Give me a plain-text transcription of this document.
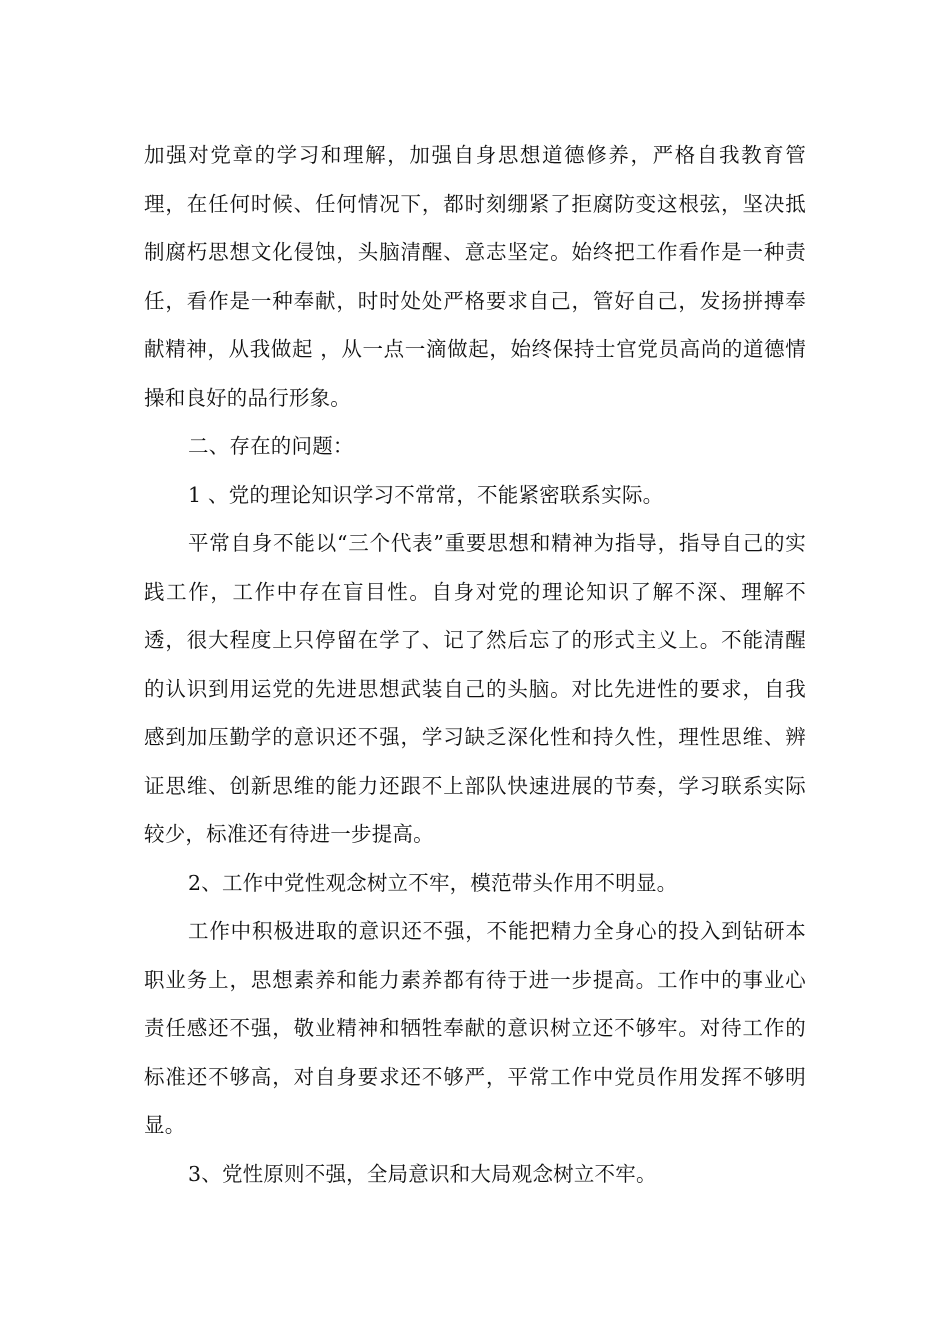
加强对党章的学习和理解，加强自身思想道德修养，严格自我教育管理，在任何时候、任何情况下，都时刻绷紧了拒腐防变这根弦，坚决抵制腐朽思想文化侵蚀，头脑清醒、意志坚定。始终把工作看作是一种责任，看作是一种奉献，时时处处严格要求自己，管好自己，发扬拼搏奉献精神，从我做起 ，从一点一滴做起，始终保持士官党员高尚的道德情操和良好的品行形象。

二、存在的问题：

1 、党的理论知识学习不常常，不能紧密联系实际。

平常自身不能以“三个代表”重要思想和精神为指导，指导自己的实践工作，工作中存在盲目性。自身对党的理论知识了解不深、理解不透，很大程度上只停留在学了、记了然后忘了的形式主义上。不能清醒的认识到用运党的先进思想武装自己的头脑。对比先进性的要求，自我感到加压勤学的意识还不强，学习缺乏深化性和持久性，理性思维、辨证思维、创新思维的能力还跟不上部队快速进展的节奏，学习联系实际较少，标准还有待进一步提高。

2、工作中党性观念树立不牢，模范带头作用不明显。

工作中积极进取的意识还不强，不能把精力全身心的投入到钻研本职业务上，思想素养和能力素养都有待于进一步提高。工作中的事业心责任感还不强，敬业精神和牺牲奉献的意识树立还不够牢。对待工作的标准还不够高，对自身要求还不够严，平常工作中党员作用发挥不够明显。

3、党性原则不强，全局意识和大局观念树立不牢。
